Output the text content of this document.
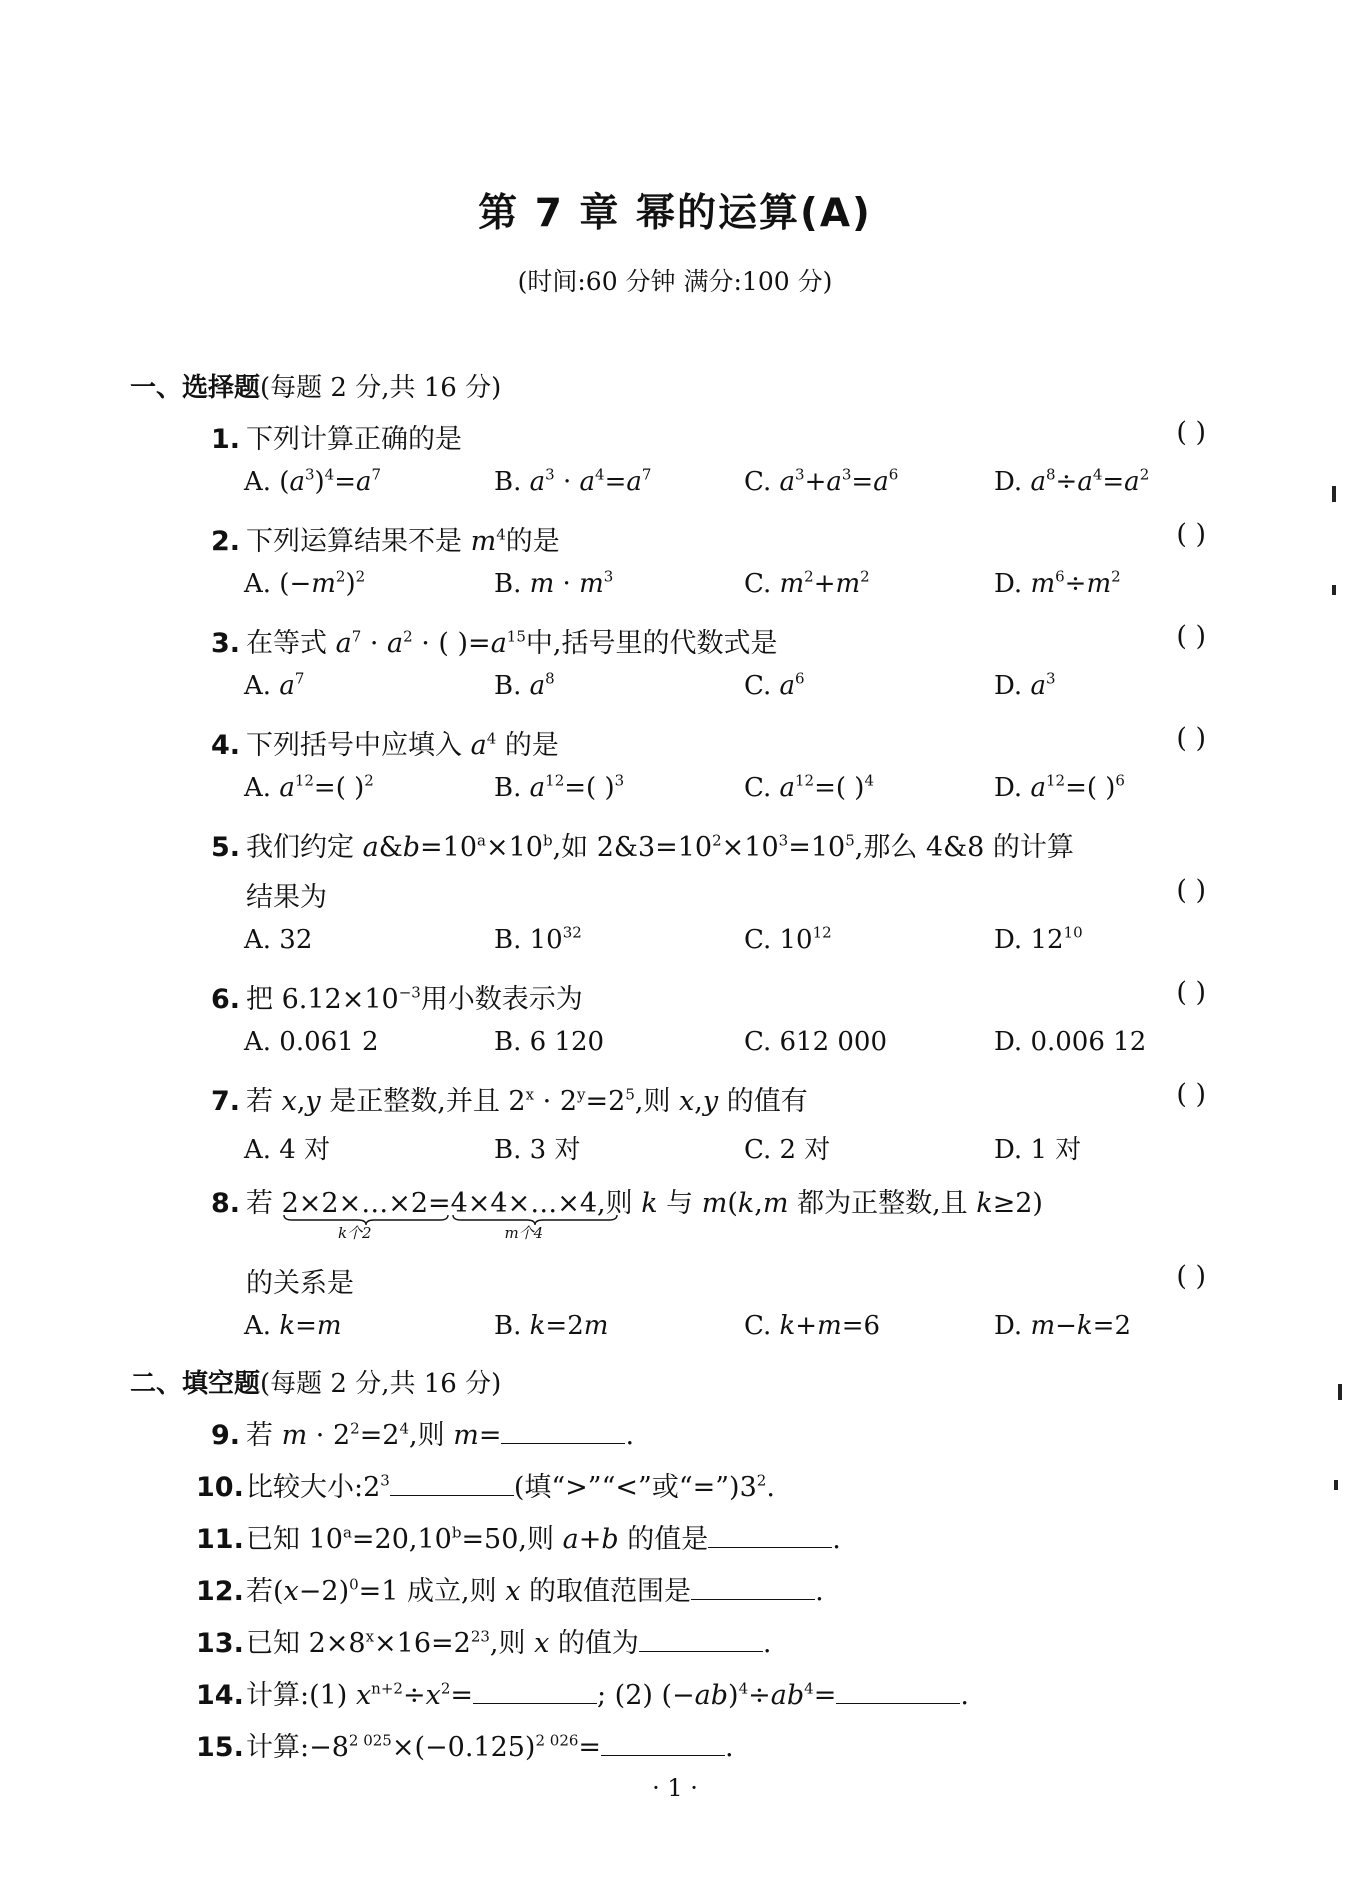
第 7 章 幂的运算(A)
(时间:60 分钟 满分:100 分)
一、选择题(每题 2 分,共 16 分)
1. 下列计算正确的是	( )
A. $(a^3)^4=a^7$	B. $a^3 \cdot a^4=a^7$	C. $a^3+a^3=a^6$	D. $a^8\div a^4=a^2$
2. 下列运算结果不是 $m^4$的是	( )
A. $(-m^2)^2$	B. $m \cdot m^3$	C. $m^2+m^2$	D. $m^6\div m^2$
3. 在等式 $a^7 \cdot a^2$ · ( )$=a^{15}$中,括号里的代数式是	( )
A. $a^7$	B. $a^8$	C. $a^6$	D. $a^3$
4. 下列括号中应填入 $a^4$ 的是	( )
A. $a^{12}=$( )$^2$	B. $a^{12}=$( )$^3$	C. $a^{12}=$( )$^4$	D. $a^{12}=$( )$^6$
5. 我们约定 $a\&b=10^a\times 10^b$,如 $2\&3=10^2\times 10^3=10^5$,那么 4&8 的计算
结果为	( )
A. 32	B. $10^{32}$	C. $10^{12}$	D. $12^{10}$
6. 把 $6.12\times 10^{-3}$用小数表示为	( )
A. 0.061 2	B. 6 120	C. 612 000	D. 0.006 12
7. 若 x,y 是正整数,并且 $2^x \cdot 2^y=2^5$,则 x,y 的值有	( )
A. 4 对	B. 3 对	C. 2 对	D. 1 对
8. 若 2×2×…×2
k个2
=4×4×…×4
m个4
,则 k 与 m(k,m 都为正整数,且 k≥2)
的关系是	( )
A. k=m	B. k=2m	C. k+m=6	D. m−k=2
二、填空题(每题 2 分,共 16 分)
9. 若 $m \cdot 2^2=2^4$,则 m=	.
10.比较大小$:2^3$	(填“>”“<”或“$=”)3^2$.
11.已知 $10^a=20,10^b=50$,则 a+b 的值是	.
12.若$(x-2)^0=1$ 成立,则 x 的取值范围是	.
13.已知 $2\times 8^x\times 16=2^{23}$,则 x 的值为	.
14.计算:(1) $x^{n+2}\div x^2=$	; (2) $(-ab)^4\div ab^4=$	.
15.计算$:-8^{2 025}\times(-0.125)^{2 026}=$	.
· 1 ·
